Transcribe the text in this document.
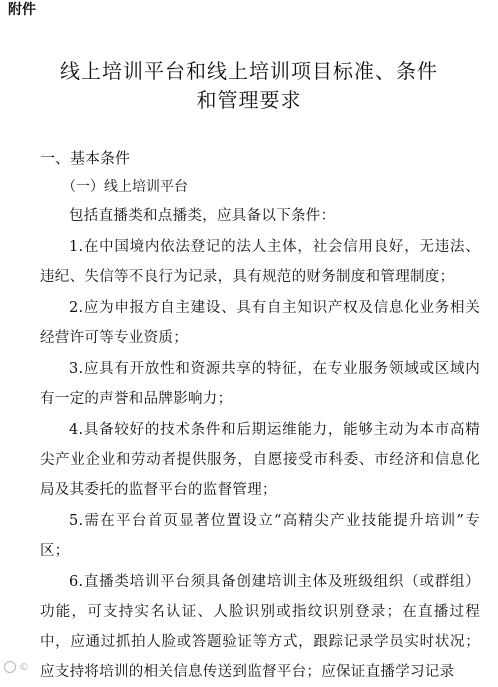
附件
线上培训平台和线上培训项目标准、条件
和管理要求
一、基本条件
（一）线上培训平台

包括直播类和点播类，应具备以下条件：

1.在中国境内依法登记的法人主体，社会信用良好，无违法、违纪、失信等不良行为记录，具有规范的财务制度和管理制度；

2.应为申报方自主建设、具有自主知识产权及信息化业务相关经营许可等专业资质；

3.应具有开放性和资源共享的特征，在专业服务领域或区域内有一定的声誉和品牌影响力；

4.具备较好的技术条件和后期运维能力，能够主动为本市高精尖产业企业和劳动者提供服务，自愿接受市科委、市经济和信息化局及其委托的监督平台的监督管理；

5.需在平台首页显著位置设立“高精尖产业技能提升培训”专区；

6.直播类培训平台须具备创建培训主体及班级组织（或群组）功能，可支持实名认证、人脸识别或指纹识别登录；在直播过程中，应通过抓拍人脸或答题验证等方式，跟踪记录学员实时状况；应支持将培训的相关信息传送到监督平台；应保证直播学习记录

©
